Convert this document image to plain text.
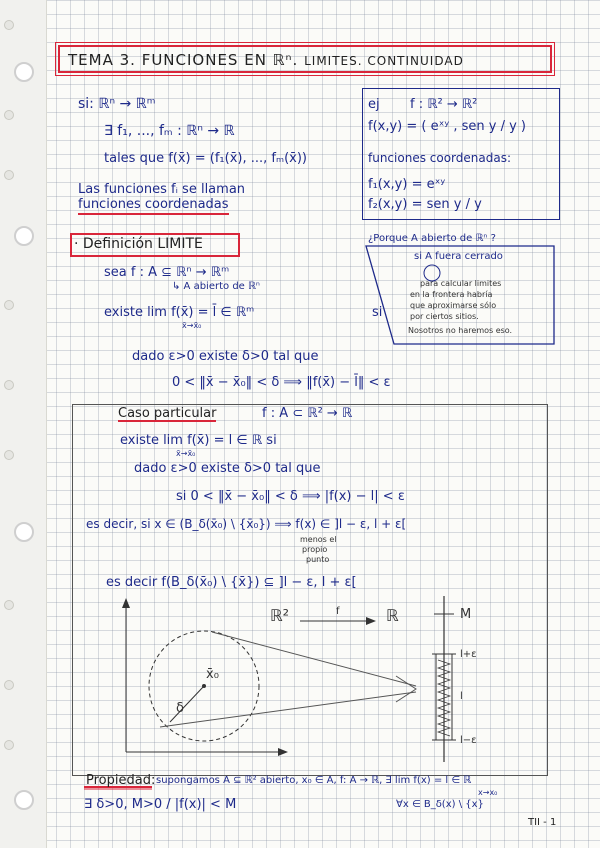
TEMA 3. FUNCIONES EN ℝⁿ. LIMITES. CONTINUIDAD
si: ℝⁿ → ℝᵐ
∃ f₁, ..., fₘ : ℝⁿ → ℝ
tales que f(x̄) = (f₁(x̄), ..., fₘ(x̄))
Las funciones fᵢ se llaman
funciones coordenadas
ej f : ℝ² → ℝ²
f(x,y) = ( eˣʸ , sen y / y )
funciones coordenadas:
f₁(x,y) = eˣʸ
f₂(x,y) = sen y / y
· Definición LIMITE
sea f : A ⊆ ℝⁿ → ℝᵐ
↳ A abierto de ℝⁿ
existe lim f(x̄) = l̄ ∈ ℝᵐ
x̄→x̄₀
si
dado ε>0 existe δ>0 tal que
0 < ‖x̄ − x̄₀‖ < δ ⟹ ‖f(x̄) − l̄‖ < ε
¿Porque A abierto de ℝⁿ ?
si A fuera cerrado
para calcular limites
en la frontera habría
que aproximarse sólo
por ciertos sitios.
Nosotros no haremos eso.
Caso particular	f : A ⊂ ℝ² → ℝ
existe lim f(x̄) = l ∈ ℝ si
x̄→x̄₀
dado ε>0 existe δ>0 tal que
si 0 < ‖x̄ − x̄₀‖ < δ ⟹ |f(x) − l| < ε
es decir, si x ∈ (B_δ(x̄₀) \ {x̄₀}) ⟹ f(x) ∈ ]l − ε, l + ε[
menos el
propio
punto
es decir f(B_δ(x̄₀) \ {x̄}) ⊆ ]l − ε, l + ε[
ℝ²	f	ℝ
x̄₀
δ
M
l+ε
l
l−ε
Propiedad: supongamos A ⊆ ℝ² abierto, x₀ ∈ A, f: A → ℝ, ∃ lim f(x) = l ∈ ℝ
x→x₀
∃ δ>0, M>0 / |f(x)| < M	∀x ∈ B_δ(x) \ {x}
TII - 1
